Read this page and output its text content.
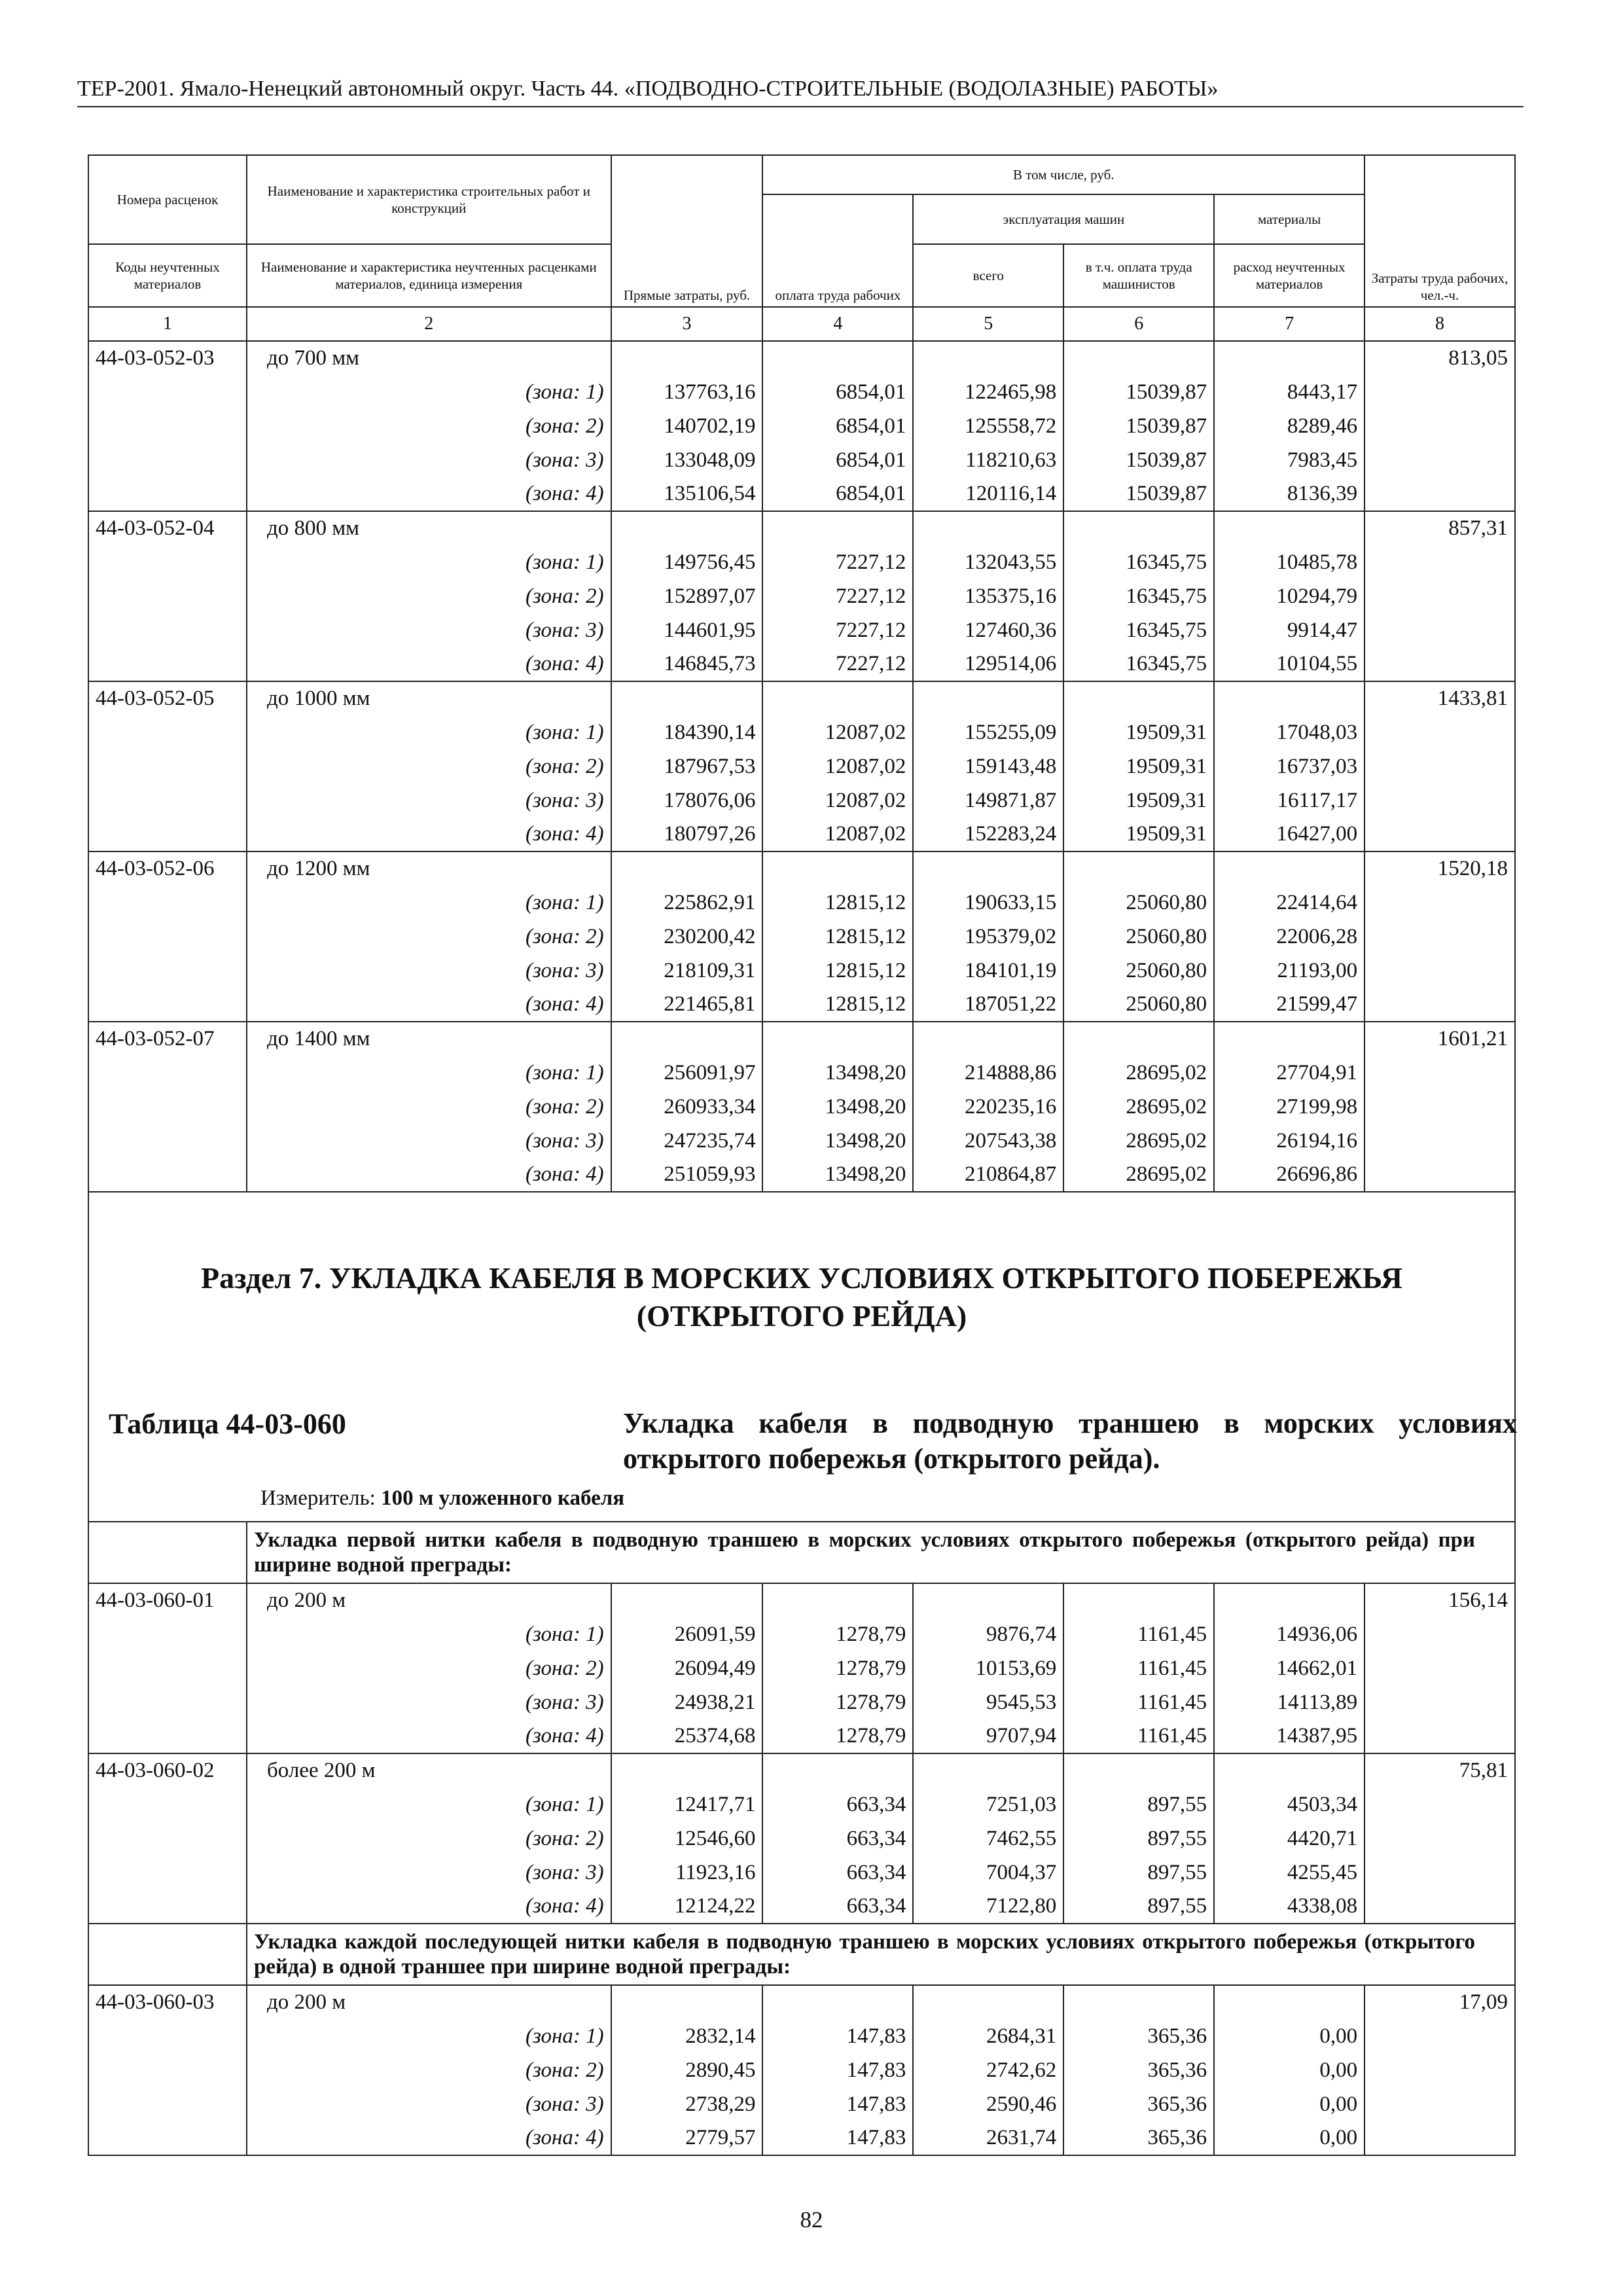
ТЕР-2001. Ямало-Ненецкий автономный округ. Часть 44. «ПОДВОДНО-СТРОИТЕЛЬНЫЕ (ВОДОЛАЗНЫЕ) РАБОТЫ»
Номера расценок	Наименование и характеристика строительных работ и конструкций	Прямые затраты, руб.	В том числе, руб.				Затраты труда рабочих, чел.-ч.
			оплата труда рабочих	эксплуатация машин		материалы	
Коды неучтенных материалов	Наименование и характеристика неучтенных расценками материалов, единица измерения			всего	в т.ч. оплата труда машинистов	расход неучтенных материалов	
1	2	3	4	5	6	7	8
44-03-052-03	до 700 мм						813,05
	(зона: 1)	137763,16	6854,01	122465,98	15039,87	8443,17	
	(зона: 2)	140702,19	6854,01	125558,72	15039,87	8289,46	
	(зона: 3)	133048,09	6854,01	118210,63	15039,87	7983,45	
	(зона: 4)	135106,54	6854,01	120116,14	15039,87	8136,39	
44-03-052-04	до 800 мм						857,31
	(зона: 1)	149756,45	7227,12	132043,55	16345,75	10485,78	
	(зона: 2)	152897,07	7227,12	135375,16	16345,75	10294,79	
	(зона: 3)	144601,95	7227,12	127460,36	16345,75	9914,47	
	(зона: 4)	146845,73	7227,12	129514,06	16345,75	10104,55	
44-03-052-05	до 1000 мм						1433,81
	(зона: 1)	184390,14	12087,02	155255,09	19509,31	17048,03	
	(зона: 2)	187967,53	12087,02	159143,48	19509,31	16737,03	
	(зона: 3)	178076,06	12087,02	149871,87	19509,31	16117,17	
	(зона: 4)	180797,26	12087,02	152283,24	19509,31	16427,00	
44-03-052-06	до 1200 мм						1520,18
	(зона: 1)	225862,91	12815,12	190633,15	25060,80	22414,64	
	(зона: 2)	230200,42	12815,12	195379,02	25060,80	22006,28	
	(зона: 3)	218109,31	12815,12	184101,19	25060,80	21193,00	
	(зона: 4)	221465,81	12815,12	187051,22	25060,80	21599,47	
44-03-052-07	до 1400 мм						1601,21
	(зона: 1)	256091,97	13498,20	214888,86	28695,02	27704,91	
	(зона: 2)	260933,34	13498,20	220235,16	28695,02	27199,98	
	(зона: 3)	247235,74	13498,20	207543,38	28695,02	26194,16	
	(зона: 4)	251059,93	13498,20	210864,87	28695,02	26696,86	

Раздел 7. УКЛАДКА КАБЕЛЯ В МОРСКИХ УСЛОВИЯХ ОТКРЫТОГО ПОБЕРЕЖЬЯ
(ОТКРЫТОГО РЕЙДА)
Таблица 44-03-060 Укладка кабеля в подводную траншею в морских условиях открытого побережья (открытого рейда).
Измеритель: 100 м уложенного кабеля							

	Укладка первой нитки кабеля в подводную траншею в морских условиях открытого побережья (открытого рейда) при ширине водной преграды:						
44-03-060-01	до 200 м						156,14
	(зона: 1)	26091,59	1278,79	9876,74	1161,45	14936,06	
	(зона: 2)	26094,49	1278,79	10153,69	1161,45	14662,01	
	(зона: 3)	24938,21	1278,79	9545,53	1161,45	14113,89	
	(зона: 4)	25374,68	1278,79	9707,94	1161,45	14387,95	
44-03-060-02	более 200 м						75,81
	(зона: 1)	12417,71	663,34	7251,03	897,55	4503,34	
	(зона: 2)	12546,60	663,34	7462,55	897,55	4420,71	
	(зона: 3)	11923,16	663,34	7004,37	897,55	4255,45	
	(зона: 4)	12124,22	663,34	7122,80	897,55	4338,08	
	Укладка каждой последующей нитки кабеля в подводную траншею в морских условиях открытого побережья (открытого рейда) в одной траншее при ширине водной преграды:						
44-03-060-03	до 200 м						17,09
	(зона: 1)	2832,14	147,83	2684,31	365,36	0,00	
	(зона: 2)	2890,45	147,83	2742,62	365,36	0,00	
	(зона: 3)	2738,29	147,83	2590,46	365,36	0,00	
	(зона: 4)	2779,57	147,83	2631,74	365,36	0,00	
82
